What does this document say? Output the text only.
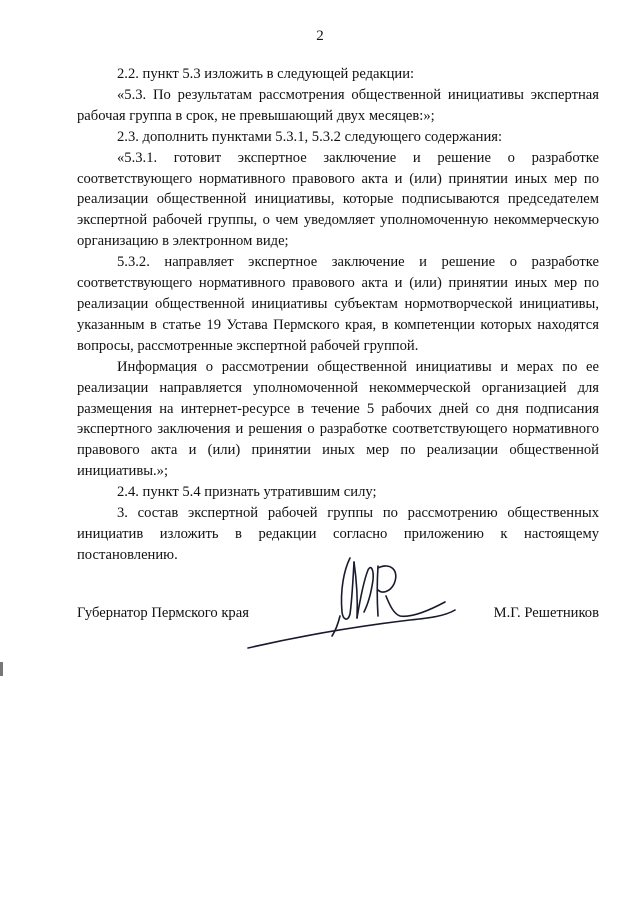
2

2.2. пункт 5.3 изложить в следующей редакции:

«5.3. По результатам рассмотрения общественной инициативы экспертная рабочая группа в срок, не превышающий двух месяцев:»;

2.3. дополнить пунктами 5.3.1, 5.3.2 следующего содержания:

«5.3.1. готовит экспертное заключение и решение о разработке соответствующего нормативного правового акта и (или) принятии иных мер по реализации общественной инициативы, которые подписываются председателем экспертной рабочей группы, о чем уведомляет уполномоченную некоммерческую организацию в электронном виде;

5.3.2. направляет экспертное заключение и решение о разработке соответствующего нормативного правового акта и (или) принятии иных мер по реализации общественной инициативы субъектам нормотворческой инициативы, указанным в статье 19 Устава Пермского края, в компетенции которых находятся вопросы, рассмотренные экспертной рабочей группой.

Информация о рассмотрении общественной инициативы и мерах по ее реализации направляется уполномоченной некоммерческой организацией для размещения на интернет-ресурсе в течение 5 рабочих дней со дня подписания экспертного заключения и решения о разработке соответствующего нормативного правового акта и (или) принятии иных мер по реализации общественной инициативы.»;

2.4. пункт 5.4 признать утратившим силу;

3. состав экспертной рабочей группы по рассмотрению общественных инициатив изложить в редакции согласно приложению к настоящему постановлению.

Губернатор Пермского края	М.Г. Решетников
